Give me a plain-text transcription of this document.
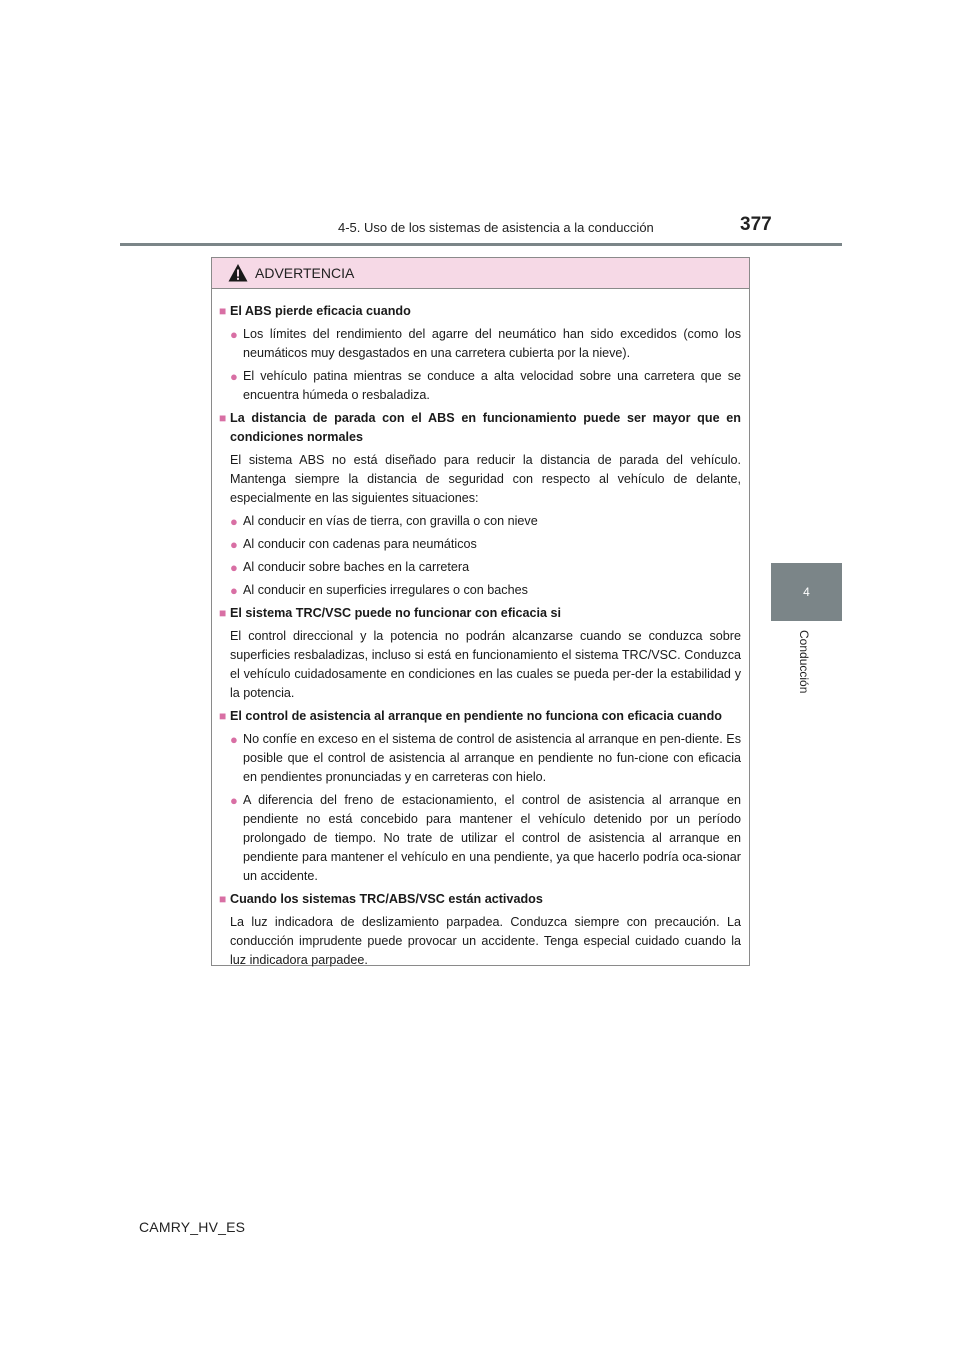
4-5. Uso de los sistemas de asistencia a la conducción	377
4
Conducción
ADVERTENCIA
■ El ABS pierde eficacia cuando
● Los límites del rendimiento del agarre del neumático han sido excedidos (como los neumáticos muy desgastados en una carretera cubierta por la nieve).
● El vehículo patina mientras se conduce a alta velocidad sobre una carretera que se encuentra húmeda o resbaladiza.
■ La distancia de parada con el ABS en funcionamiento puede ser mayor que en condiciones normales
El sistema ABS no está diseñado para reducir la distancia de parada del vehículo. Mantenga siempre la distancia de seguridad con respecto al vehículo de delante, especialmente en las siguientes situaciones:
● Al conducir en vías de tierra, con gravilla o con nieve
● Al conducir con cadenas para neumáticos
● Al conducir sobre baches en la carretera
● Al conducir en superficies irregulares o con baches
■ El sistema TRC/VSC puede no funcionar con eficacia si
El control direccional y la potencia no podrán alcanzarse cuando se conduzca sobre superficies resbaladizas, incluso si está en funcionamiento el sistema TRC/VSC. Conduzca el vehículo cuidadosamente en condiciones en las cuales se pueda per-der la estabilidad y la potencia.
■ El control de asistencia al arranque en pendiente no funciona con eficacia cuando
● No confíe en exceso en el sistema de control de asistencia al arranque en pen-diente. Es posible que el control de asistencia al arranque en pendiente no fun-cione con eficacia en pendientes pronunciadas y en carreteras con hielo.
● A diferencia del freno de estacionamiento, el control de asistencia al arranque en pendiente no está concebido para mantener el vehículo detenido por un período prolongado de tiempo. No trate de utilizar el control de asistencia al arranque en pendiente para mantener el vehículo en una pendiente, ya que hacerlo podría oca-sionar un accidente.
■ Cuando los sistemas TRC/ABS/VSC están activados
La luz indicadora de deslizamiento parpadea. Conduzca siempre con precaución. La conducción imprudente puede provocar un accidente. Tenga especial cuidado cuando la luz indicadora parpadee.
CAMRY_HV_ES
